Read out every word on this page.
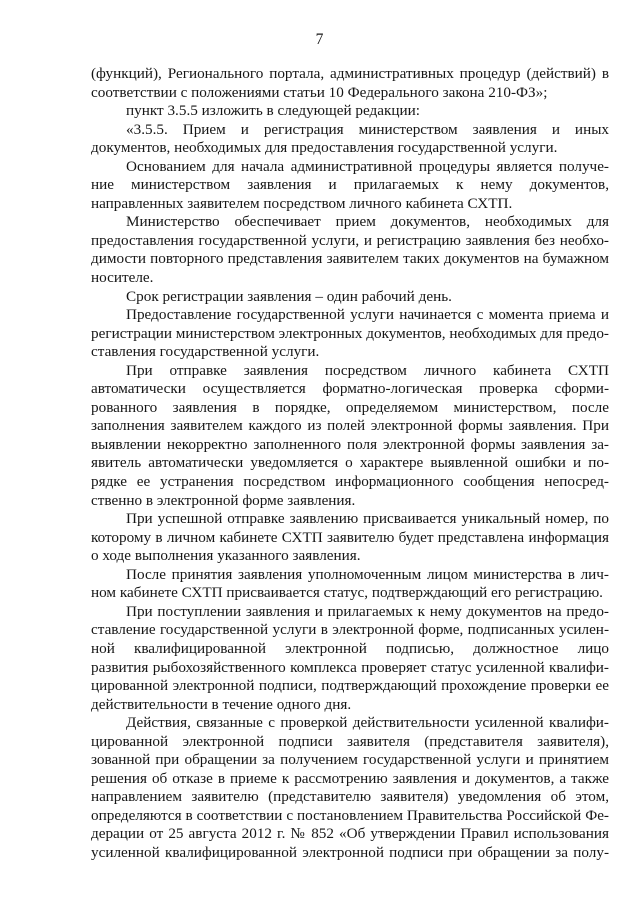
7
(функций), Регионального портала, административных процедур (действий) в
соответствии с положениями статьи 10 Федерального закона 210-ФЗ»;
пункт 3.5.5 изложить в следующей редакции:
«3.5.5. Прием и регистрация министерством заявления и иных
документов, необходимых для предоставления государственной услуги.
Основанием для начала административной процедуры является получе-
ние министерством заявления и прилагаемых к нему документов,
направленных заявителем посредством личного кабинета СХТП.
Министерство обеспечивает прием документов, необходимых для
предоставления государственной услуги, и регистрацию заявления без необхо-
димости повторного представления заявителем таких документов на бумажном
носителе.
Срок регистрации заявления – один рабочий день.
Предоставление государственной услуги начинается с момента приема и
регистрации министерством электронных документов, необходимых для предо-
ставления государственной услуги.
При отправке заявления посредством личного кабинета СХТП
автоматически осуществляется форматно-логическая проверка сформи-
рованного заявления в порядке, определяемом министерством, после
заполнения заявителем каждого из полей электронной формы заявления. При
выявлении некорректно заполненного поля электронной формы заявления за-
явитель автоматически уведомляется о характере выявленной ошибки и по-
рядке ее устранения посредством информационного сообщения непосред-
ственно в электронной форме заявления.
При успешной отправке заявлению присваивается уникальный номер, по
которому в личном кабинете СХТП заявителю будет представлена информация
о ходе выполнения указанного заявления.
После принятия заявления уполномоченным лицом министерства в лич-
ном кабинете СХТП присваивается статус, подтверждающий его регистрацию.
При поступлении заявления и прилагаемых к нему документов на предо-
ставление государственной услуги в электронной форме, подписанных усилен-
ной квалифицированной электронной подписью, должностное лицо
развития рыбохозяйственного комплекса проверяет статус усиленной квалифи-
цированной электронной подписи, подтверждающий прохождение проверки ее
действительности в течение одного дня.
Действия, связанные с проверкой действительности усиленной квалифи-
цированной электронной подписи заявителя (представителя заявителя),
зованной при обращении за получением государственной услуги и принятием
решения об отказе в приеме к рассмотрению заявления и документов, а также
направлением заявителю (представителю заявителя) уведомления об этом,
определяются в соответствии с постановлением Правительства Российской Фе-
дерации от 25 августа 2012 г. № 852 «Об утверждении Правил использования
усиленной квалифицированной электронной подписи при обращении за полу-
